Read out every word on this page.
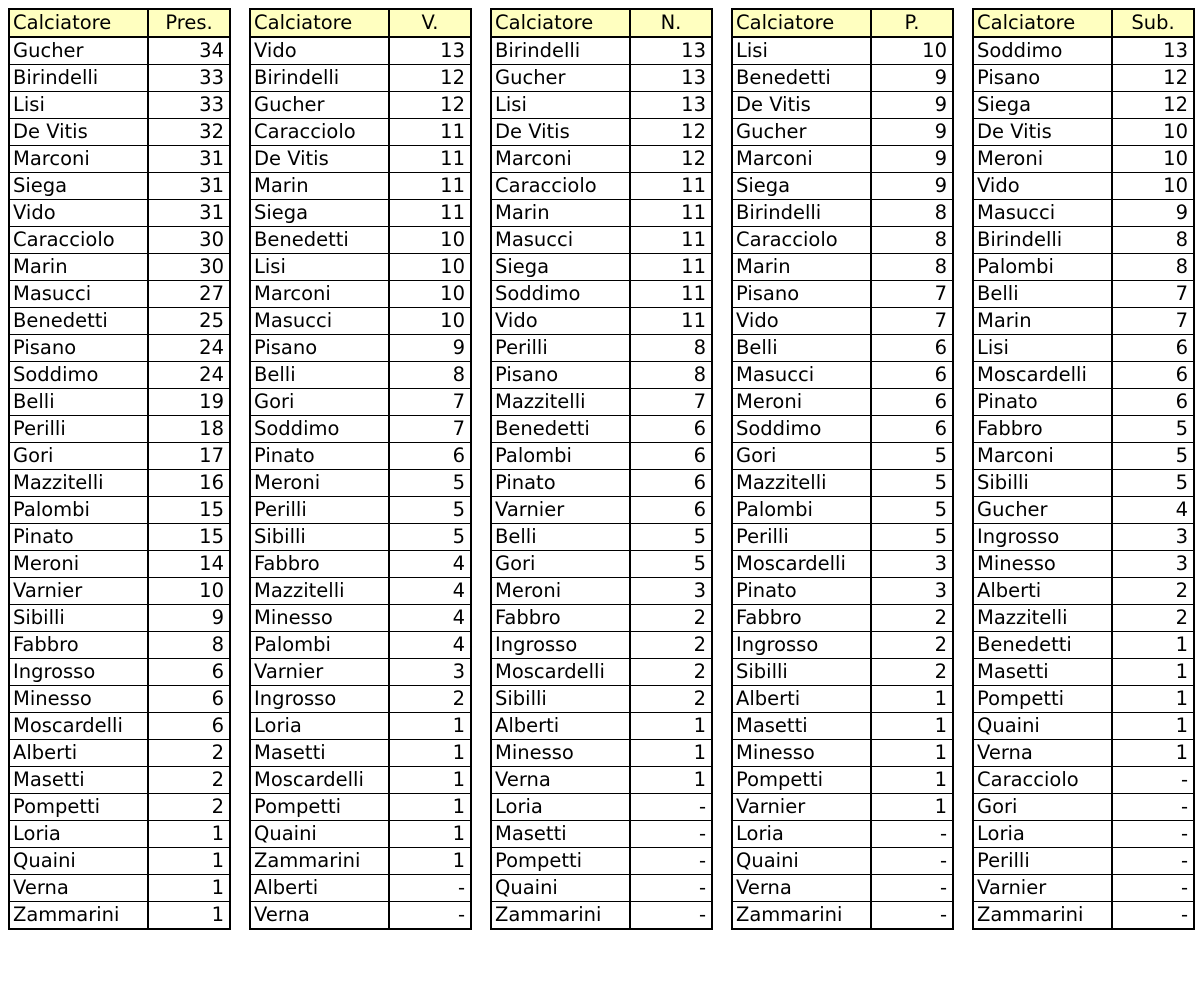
Calciatore	Pres.
Gucher	34
Birindelli	33
Lisi	33
De Vitis	32
Marconi	31
Siega	31
Vido	31
Caracciolo	30
Marin	30
Masucci	27
Benedetti	25
Pisano	24
Soddimo	24
Belli	19
Perilli	18
Gori	17
Mazzitelli	16
Palombi	15
Pinato	15
Meroni	14
Varnier	10
Sibilli	9
Fabbro	8
Ingrosso	6
Minesso	6
Moscardelli	6
Alberti	2
Masetti	2
Pompetti	2
Loria	1
Quaini	1
Verna	1
Zammarini	1
Calciatore	V.
Vido	13
Birindelli	12
Gucher	12
Caracciolo	11
De Vitis	11
Marin	11
Siega	11
Benedetti	10
Lisi	10
Marconi	10
Masucci	10
Pisano	9
Belli	8
Gori	7
Soddimo	7
Pinato	6
Meroni	5
Perilli	5
Sibilli	5
Fabbro	4
Mazzitelli	4
Minesso	4
Palombi	4
Varnier	3
Ingrosso	2
Loria	1
Masetti	1
Moscardelli	1
Pompetti	1
Quaini	1
Zammarini	1
Alberti	-
Verna	-
Calciatore	N.
Birindelli	13
Gucher	13
Lisi	13
De Vitis	12
Marconi	12
Caracciolo	11
Marin	11
Masucci	11
Siega	11
Soddimo	11
Vido	11
Perilli	8
Pisano	8
Mazzitelli	7
Benedetti	6
Palombi	6
Pinato	6
Varnier	6
Belli	5
Gori	5
Meroni	3
Fabbro	2
Ingrosso	2
Moscardelli	2
Sibilli	2
Alberti	1
Minesso	1
Verna	1
Loria	-
Masetti	-
Pompetti	-
Quaini	-
Zammarini	-
Calciatore	P.
Lisi	10
Benedetti	9
De Vitis	9
Gucher	9
Marconi	9
Siega	9
Birindelli	8
Caracciolo	8
Marin	8
Pisano	7
Vido	7
Belli	6
Masucci	6
Meroni	6
Soddimo	6
Gori	5
Mazzitelli	5
Palombi	5
Perilli	5
Moscardelli	3
Pinato	3
Fabbro	2
Ingrosso	2
Sibilli	2
Alberti	1
Masetti	1
Minesso	1
Pompetti	1
Varnier	1
Loria	-
Quaini	-
Verna	-
Zammarini	-
Calciatore	Sub.
Soddimo	13
Pisano	12
Siega	12
De Vitis	10
Meroni	10
Vido	10
Masucci	9
Birindelli	8
Palombi	8
Belli	7
Marin	7
Lisi	6
Moscardelli	6
Pinato	6
Fabbro	5
Marconi	5
Sibilli	5
Gucher	4
Ingrosso	3
Minesso	3
Alberti	2
Mazzitelli	2
Benedetti	1
Masetti	1
Pompetti	1
Quaini	1
Verna	1
Caracciolo	-
Gori	-
Loria	-
Perilli	-
Varnier	-
Zammarini	-
